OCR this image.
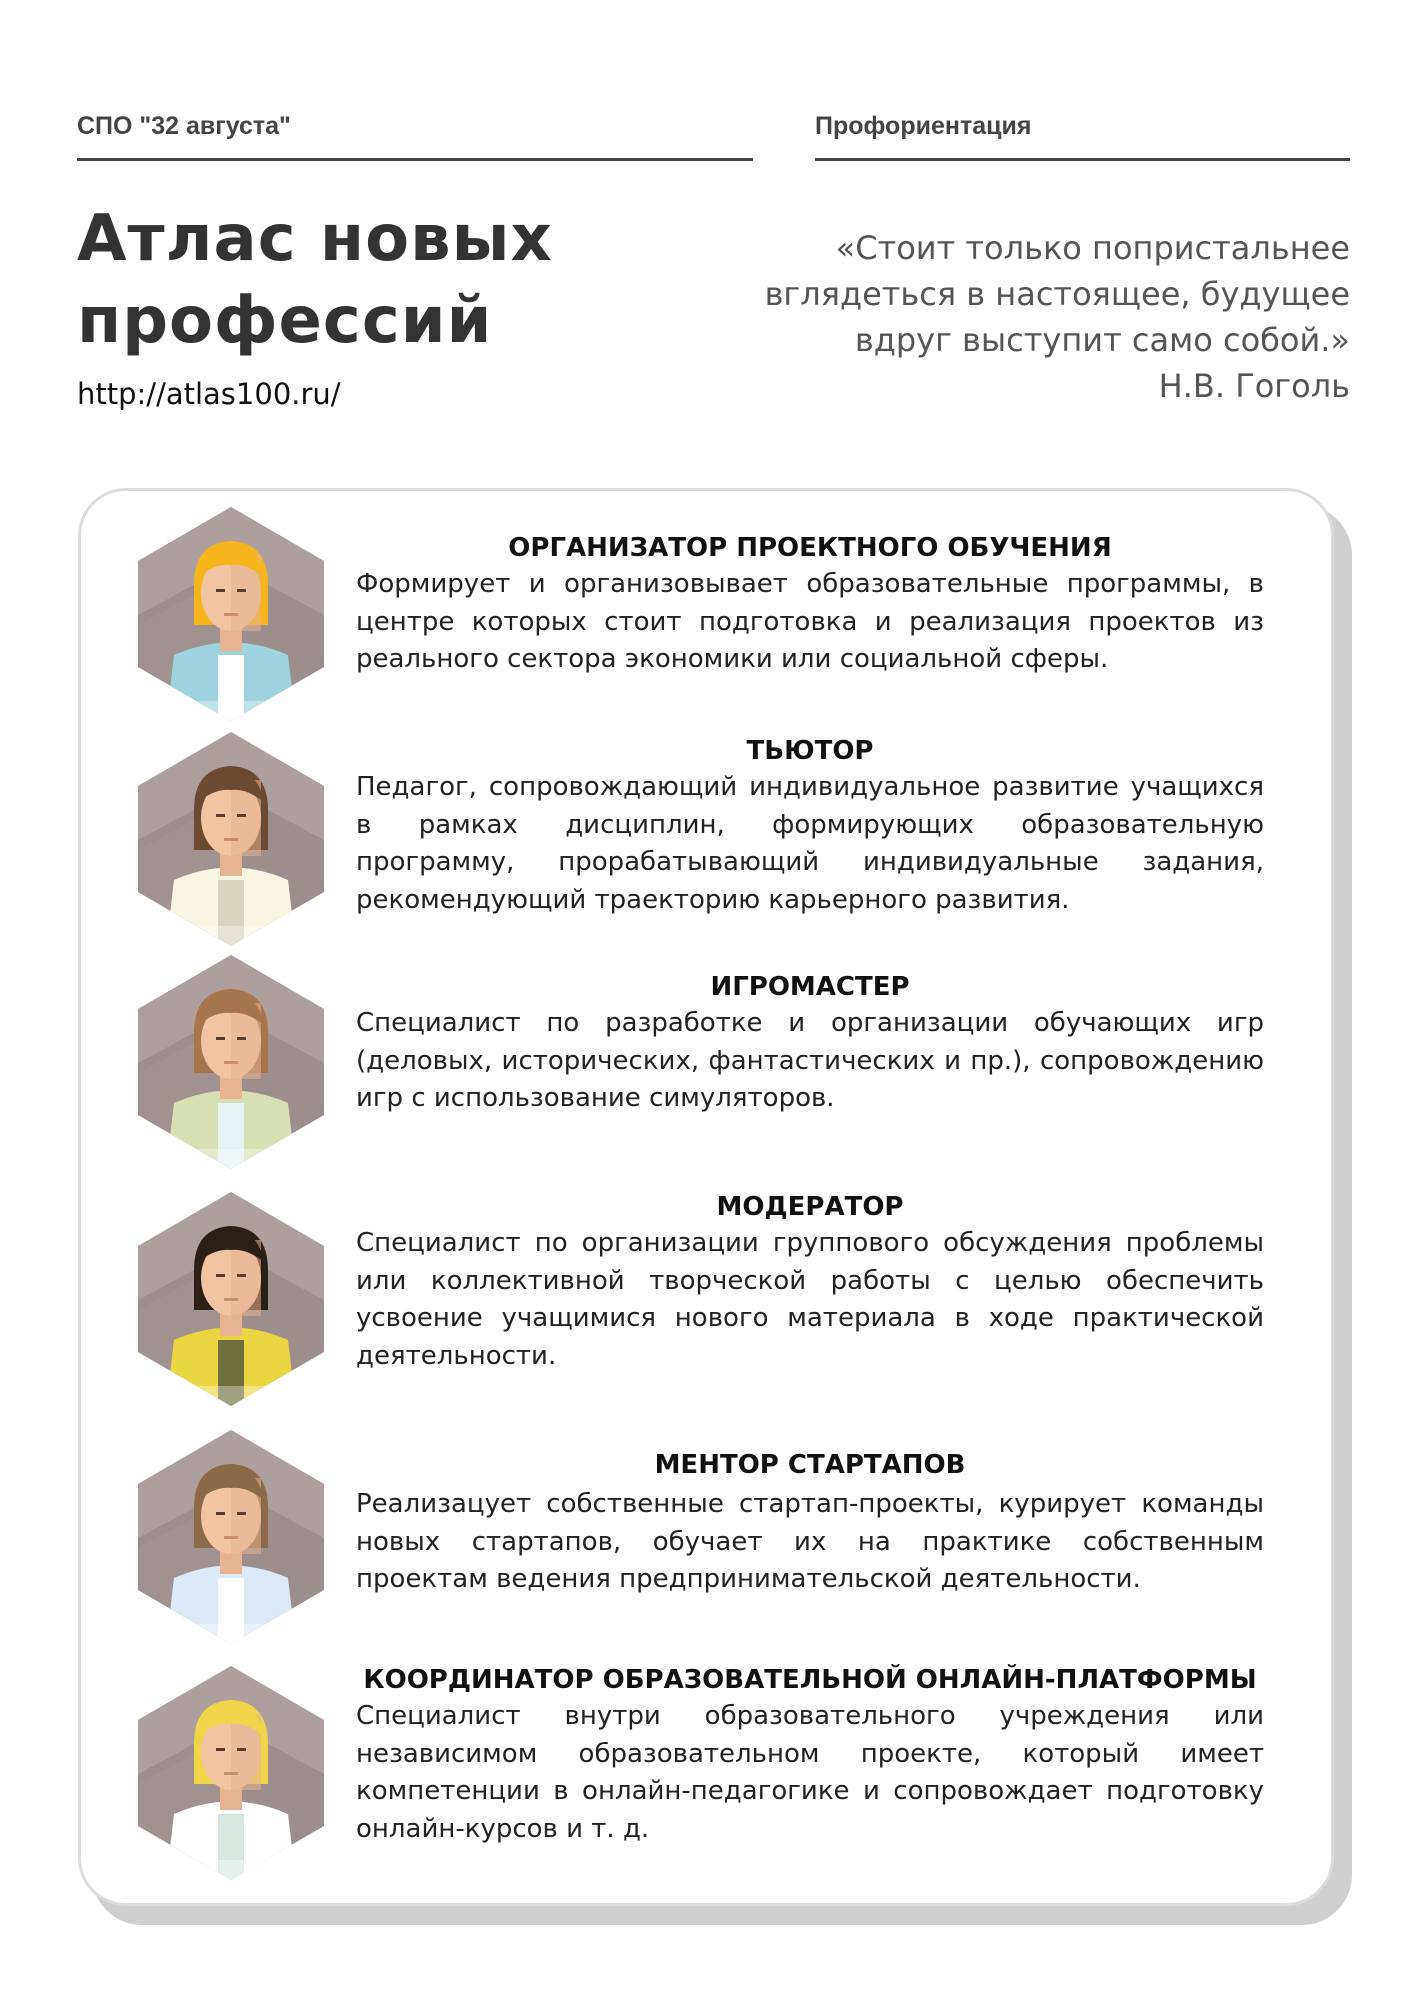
СПО "32 августа"	Профориентация
Атлас новых
профессий
http://atlas100.ru/
«Стоит только попристальнее
вглядеться в настоящее, будущее
вдруг выступит само собой.»
Н.В. Гоголь
ОРГАНИЗАТОР ПРОЕКТНОГО ОБУЧЕНИЯ
Формирует и организовывает образовательные программы, в центре которых стоит подготовка и реализация проектов из реального сектора экономики или социальной сферы.
ТЬЮТОР
Педагог, сопровождающий индивидуальное развитие учащихся в рамках дисциплин, формирующих образовательную программу, прорабатывающий индивидуальные задания, рекомендующий траекторию карьерного развития.
ИГРОМАСТЕР
Специалист по разработке и организации обучающих игр (деловых, исторических, фантастических и пр.), сопровождению игр с использование симуляторов.
МОДЕРАТОР
Специалист по организации группового обсуждения проблемы или коллективной творческой работы с целью обеспечить усвоение учащимися нового материала в ходе практической деятельности.
МЕНТОР СТАРТАПОВ
Реализацует собственные стартап-проекты, курирует команды новых стартапов, обучает их на практике собственным проектам ведения предпринимательской деятельности.
КООРДИНАТОР ОБРАЗОВАТЕЛЬНОЙ ОНЛАЙН-ПЛАТФОРМЫ
Специалист внутри образовательного учреждения или независимом образовательном проекте, который имеет компетенции в онлайн-педагогике и сопровождает подготовку онлайн-курсов и т. д.
